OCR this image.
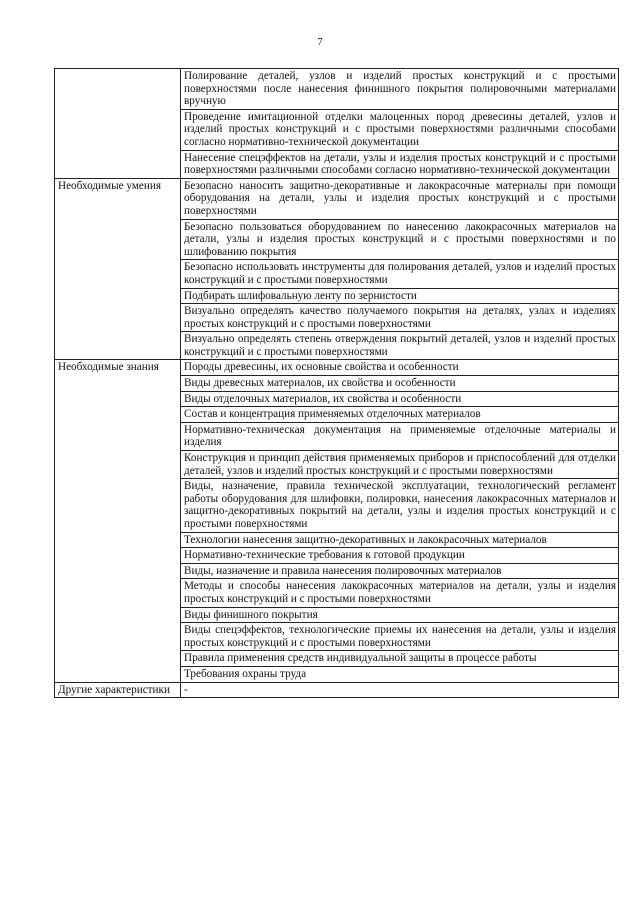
7
	Полирование деталей, узлов и изделий простых конструкций и с простыми поверхностями после нанесения финишного покрытия полировочными материалами вручную
	Проведение имитационной отделки малоценных пород древесины деталей, узлов и изделий простых конструкций и с простыми поверхностями различными способами согласно нормативно-технической документации
	Нанесение спецэффектов на детали, узлы и изделия простых конструкций и с простыми поверхностями различными способами согласно нормативно-технической документации
Необходимые умения	Безопасно наносить защитно-декоративные и лакокрасочные материалы при помощи оборудования на детали, узлы и изделия простых конструкций и с простыми поверхностями
	Безопасно пользоваться оборудованием по нанесению лакокрасочных материалов на детали, узлы и изделия простых конструкций и с простыми поверхностями и по шлифованию покрытия
	Безопасно использовать инструменты для полирования деталей, узлов и изделий простых конструкций и с простыми поверхностями
	Подбирать шлифовальную ленту по зернистости
	Визуально определять качество получаемого покрытия на деталях, узлах и изделиях простых конструкций и с простыми поверхностями
	Визуально определять степень отверждения покрытий деталей, узлов и изделий простых конструкций и с простыми поверхностями
Необходимые знания	Породы древесины, их основные свойства и особенности
	Виды древесных материалов, их свойства и особенности
	Виды отделочных материалов, их свойства и особенности
	Состав и концентрация применяемых отделочных материалов
	Нормативно-техническая документация на применяемые отделочные материалы и изделия
	Конструкция и принцип действия применяемых приборов и приспособлений для отделки деталей, узлов и изделий простых конструкций и с простыми поверхностями
	Виды, назначение, правила технической эксплуатации, технологический регламент работы оборудования для шлифовки, полировки, нанесения лакокрасочных материалов и защитно-декоративных покрытий на детали, узлы и изделия простых конструкций и с простыми поверхностями
	Технологии нанесения защитно-декоративных и лакокрасочных материалов
	Нормативно-технические требования к готовой продукции
	Виды, назначение и правила нанесения полировочных материалов
	Методы и способы нанесения лакокрасочных материалов на детали, узлы и изделия простых конструкций и с простыми поверхностями
	Виды финишного покрытия
	Виды спецэффектов, технологические приемы их нанесения на детали, узлы и изделия простых конструкций и с простыми поверхностями
	Правила применения средств индивидуальной защиты в процессе работы
	Требования охраны труда
Другие характеристики	-
